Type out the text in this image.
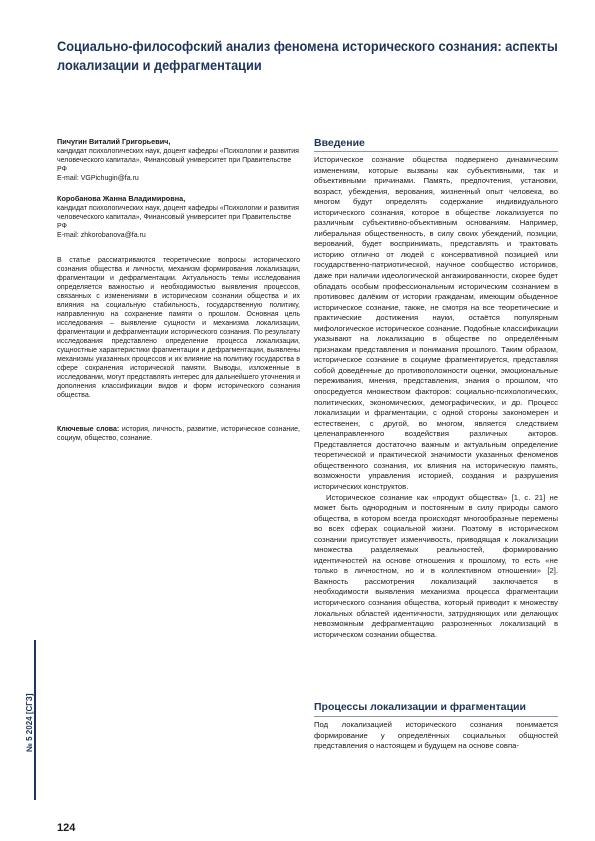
Социально-философский анализ феномена исторического сознания: аспекты локализации и дефрагментации
Пичугин Виталий Григорьевич,
кандидат психологических наук, доцент кафедры «Психологии и развития человеческого капитала», Финансовый университет при Правительстве РФ
E-mail: VGPichugin@fa.ru
Коробанова Жанна Владимировна,
кандидат психологических наук, доцент кафедры «Психологии и развития человеческого капитала», Финансовый университет при Правительстве РФ
E-mail: zhkorobanova@fa.ru

В статье рассматриваются теоретические вопросы исторического сознания общества и личности, механизм формирования локализации, фрагментации и дефрагментации. Актуальность темы исследования определяется важностью и необходимостью выявления процессов, связанных с изменениями в историческом сознании общества и их влияния на социальную стабильность, государственную политику, направленную на сохранение памяти о прошлом. Основная цель исследования – выявление сущности и механизма локализации, фрагментации и дефрагментации исторического сознания. По результату исследования представлено определение процесса локализации, сущностные характеристики фрагментации и дефрагментации, выявлены механизмы указанных процессов и их влияние на политику государства в сфере сохранения исторической памяти. Выводы, изложенные в исследовании, могут представлять интерес для дальнейшего уточнения и дополнения классификации видов и форм исторического сознания общества.

Ключевые слова: история, личность, развитие, историческое сознание, социум, общество, сознание.

Введение

Историческое сознание общества подвержено динамическим изменениям, которые вызваны как субъективными, так и объективными причинами. Память, предпочтения, установки, возраст, убеждения, верования, жизненный опыт человека, во многом будут определять содержание индивидуального исторического сознания, которое в обществе локализуется по различным субъективно-объективным основаниям. Например, либеральная общественность, в силу своих убеждений, позиции, верований, будет воспринимать, представлять и трактовать историю отлично от людей с консервативной позицией или государственно-патриотической, научное сообщество историков, даже при наличии идеологической ангажированности, скорее будет обладать особым профессиональным историческим сознанием в противовес далёким от истории гражданам, имеющим обыденное историческое сознание, также, не смотря на все теоретические и практические достижения науки, остаётся популярным мифологическое историческое сознание. Подобные классификации указывают на локализацию в обществе по определённым признакам представления и понимания прошлого. Таким образом, историческое сознание в социуме фрагментируется, представляя собой доведённые до противоположности оценки, эмоциональные переживания, мнения, представления, знания о прошлом, что опосредуется множеством факторов: социально-психологических, политических, экономических, демографических, и др. Процесс локализации и фрагментации, с одной стороны закономерен и естественен, с другой, во многом, является следствием целенаправленного воздействия различных акторов. Представляется достаточно важным и актуальным определение теоретической и практической значимости указанных феноменов общественного сознания, их влияния на историческую память, возможности управления историей, создания и разрушения исторических конструктов.

Историческое сознание как «продукт общества» [1, с. 21] не может быть однородным и постоянным в силу природы самого общества, в котором всегда происходят многообразные перемены во всех сферах социальной жизни. Поэтому в историческом сознании присутствует изменчивость, приводящая к локализации множества разделяемых реальностей, формированию идентичностей на основе отношения к прошлому, то есть «не только в личностном, но и в коллективном отношении» [2]. Важность рассмотрения локализаций заключается в необходимости выявления механизма процесса фрагментации исторического сознания общества, который приводит к множеству локальных областей идентичности, затрудняющих или делающих невозможным дефрагментацию разрозненных локализаций в историческом сознании общества.

Процессы локализации и фрагментации

Под локализацией исторического сознания понимается формирование у определённых социальных общностей представления о настоящем и будущем на основе совпа-

№ 5 2024 [СГЗ]
124
